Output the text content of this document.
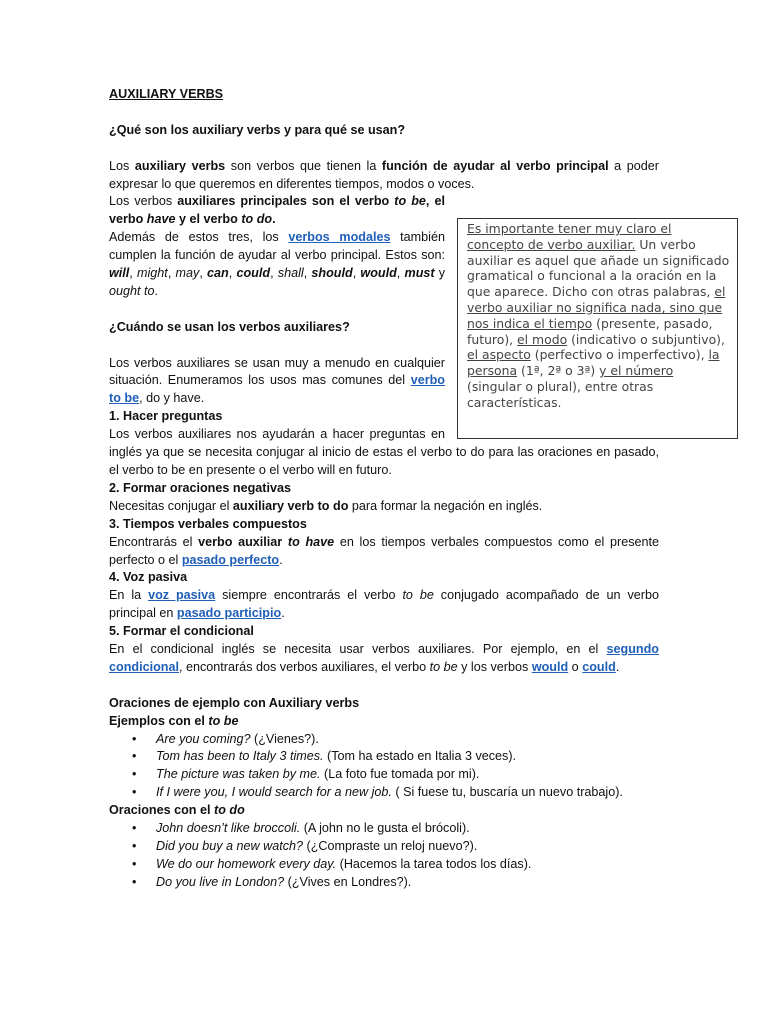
AUXILIARY VERBS

¿Qué son los auxiliary verbs y para qué se usan?

Los auxiliary verbs son verbos que tienen la función de ayudar al verbo principal a poder expresar lo que queremos en diferentes tiempos, modos o voces.

Los verbos auxiliares principales son el verbo to be, el verbo have y el verbo to do.

Además de estos tres, los verbos modales también cumplen la función de ayudar al verbo principal. Estos son: will, might, may, can, could, shall, should, would, must y ought to.

¿Cuándo se usan los verbos auxiliares?

Los verbos auxiliares se usan muy a menudo en cualquier situación. Enumeramos los usos mas comunes del verbo to be, do y have.

1. Hacer preguntas

Los verbos auxiliares nos ayudarán a hacer preguntas en inglés ya que se necesita conjugar al inicio de estas el verbo to do para las oraciones en pasado, el verbo to be en presente o el verbo will en futuro.

2. Formar oraciones negativas

Necesitas conjugar el auxiliary verb to do para formar la negación en inglés.

3. Tiempos verbales compuestos

Encontrarás el verbo auxiliar to have en los tiempos verbales compuestos como el presente perfecto o el pasado perfecto.

4. Voz pasiva

En la voz pasiva siempre encontrarás el verbo to be conjugado acompañado de un verbo principal en pasado participio.

5. Formar el condicional

En el condicional inglés se necesita usar verbos auxiliares. Por ejemplo, en el segundo condicional, encontrarás dos verbos auxiliares, el verbo to be y los verbos would o could.

Oraciones de ejemplo con Auxiliary verbs

Ejemplos con el to be

• Are you coming? (¿Vienes?).
• Tom has been to Italy 3 times. (Tom ha estado en Italia 3 veces).
• The picture was taken by me. (La foto fue tomada por mi).
• If I were you, I would search for a new job. ( Si fuese tu, buscaría un nuevo trabajo).

Oraciones con el to do

• John doesn’t like broccoli. (A john no le gusta el brócoli).
• Did you buy a new watch? (¿Compraste un reloj nuevo?).
• We do our homework every day. (Hacemos la tarea todos los días).
• Do you live in London? (¿Vives en Londres?).
Es importante tener muy claro el concepto de verbo auxiliar. Un verbo auxiliar es aquel que añade un significado gramatical o funcional a la oración en la que aparece. Dicho con otras palabras, el verbo auxiliar no significa nada, sino que nos indica el tiempo (presente, pasado, futuro), el modo (indicativo o subjuntivo), el aspecto (perfectivo o imperfectivo), la persona (1ª, 2ª o 3ª) y el número (singular o plural), entre otras características.
